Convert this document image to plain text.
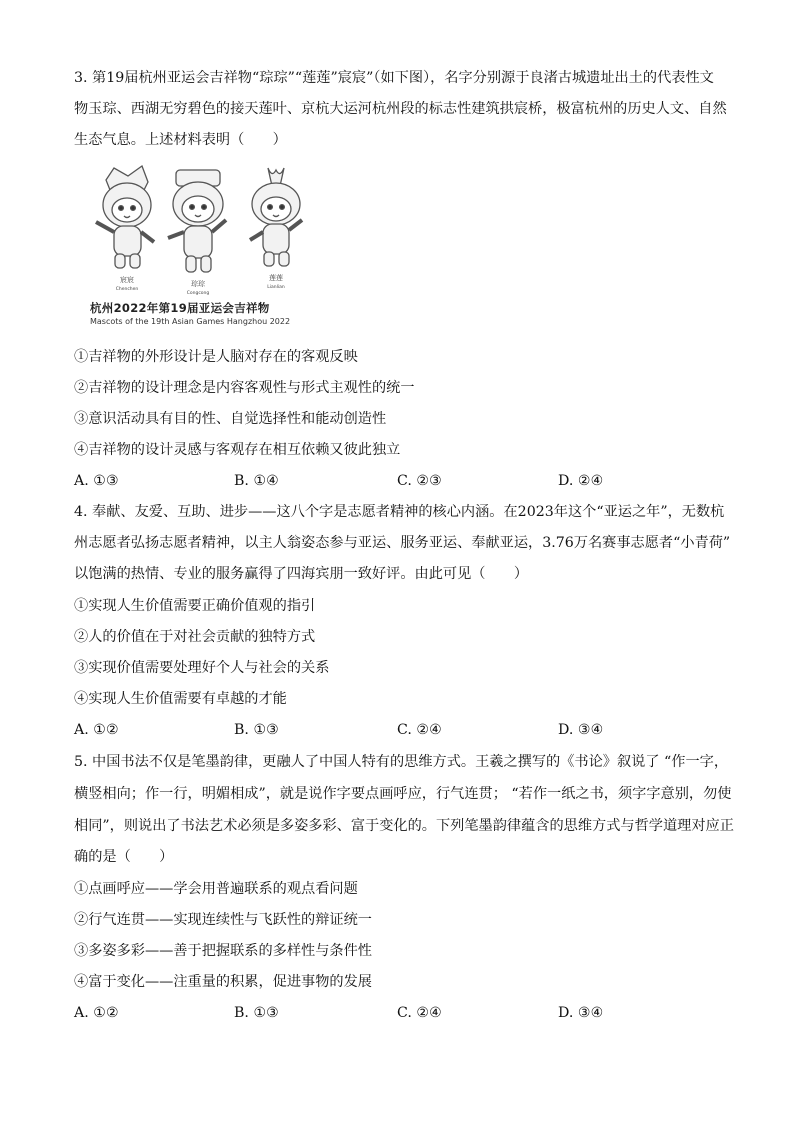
3. 第19届杭州亚运会吉祥物“琮琮”“莲莲”宸宸”（如下图），名字分别源于良渚古城遗址出土的代表性文
物玉琮、西湖无穷碧色的接天莲叶、京杭大运河杭州段的标志性建筑拱宸桥，极富杭州的历史人文、自然
生态气息。上述材料表明（　　）
宸宸
Chenchen
琮琮
Congcong
莲莲
Lianlian
杭州2022年第19届亚运会吉祥物
Mascots of the 19th Asian Games Hangzhou 2022
①吉祥物的外形设计是人脑对存在的客观反映
②吉祥物的设计理念是内容客观性与形式主观性的统一
③意识活动具有目的性、自觉选择性和能动创造性
④吉祥物的设计灵感与客观存在相互依赖又彼此独立
A. ①③	B. ①④	C. ②③	D. ②④
4. 奉献、友爱、互助、进步——这八个字是志愿者精神的核心内涵。在2023年这个“亚运之年”，无数杭
州志愿者弘扬志愿者精神，以主人翁姿态参与亚运、服务亚运、奉献亚运，3.76万名赛事志愿者“小青荷”
以饱满的热情、专业的服务赢得了四海宾朋一致好评。由此可见（　　）
①实现人生价值需要正确价值观的指引
②人的价值在于对社会贡献的独特方式
③实现价值需要处理好个人与社会的关系
④实现人生价值需要有卓越的才能
A. ①②	B. ①③	C. ②④	D. ③④
5. 中国书法不仅是笔墨韵律，更融人了中国人特有的思维方式。王羲之撰写的《书论》叙说了 “作一字，
横竖相向；作一行，明媚相成”，就是说作字要点画呼应，行气连贯； “若作一纸之书，须字字意别，勿使
相同”，则说出了书法艺术必须是多姿多彩、富于变化的。下列笔墨韵律蕴含的思维方式与哲学道理对应正
确的是（　　）
①点画呼应——学会用普遍联系的观点看问题
②行气连贯——实现连续性与飞跃性的辩证统一
③多姿多彩——善于把握联系的多样性与条件性
④富于变化——注重量的积累，促进事物的发展
A. ①②	B. ①③	C. ②④	D. ③④
